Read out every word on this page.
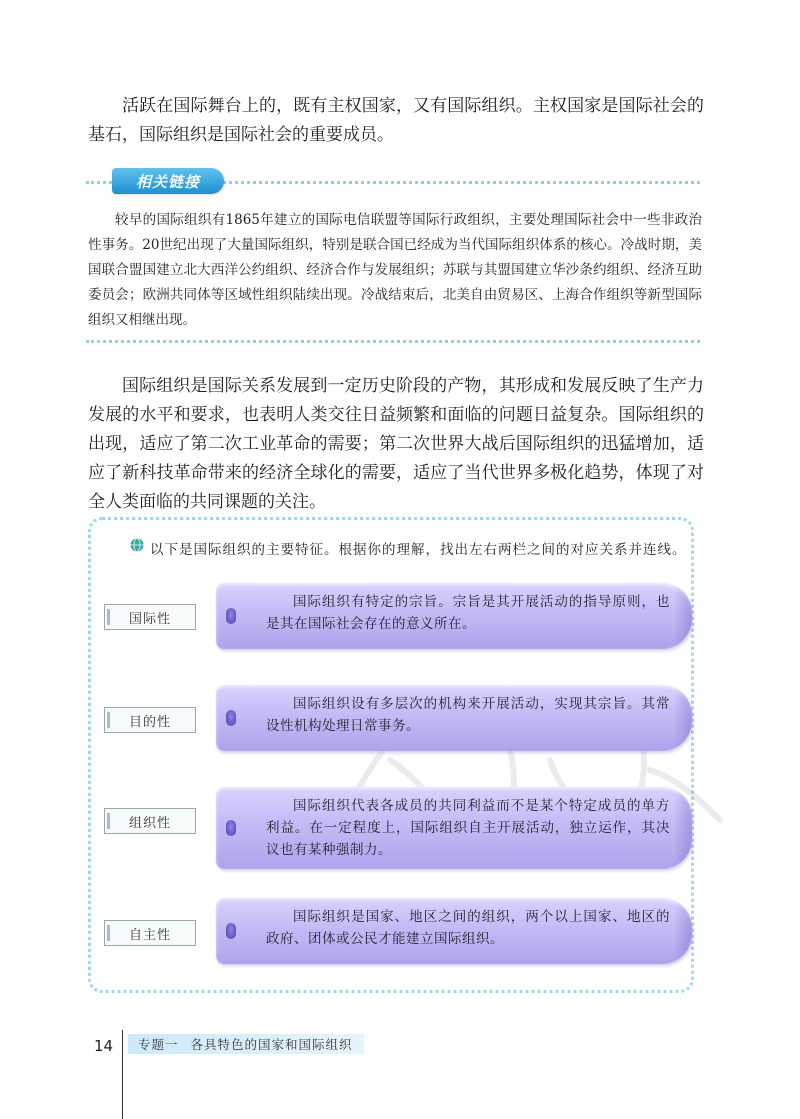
活跃在国际舞台上的，既有主权国家，又有国际组织。主权国家是国际社会的基石，国际组织是国际社会的重要成员。

相关链接

较早的国际组织有1865年建立的国际电信联盟等国际行政组织，主要处理国际社会中一些非政治性事务。20世纪出现了大量国际组织，特别是联合国已经成为当代国际组织体系的核心。冷战时期，美国联合盟国建立北大西洋公约组织、经济合作与发展组织；苏联与其盟国建立华沙条约组织、经济互助委员会；欧洲共同体等区域性组织陆续出现。冷战结束后，北美自由贸易区、上海合作组织等新型国际组织又相继出现。

国际组织是国际关系发展到一定历史阶段的产物，其形成和发展反映了生产力发展的水平和要求，也表明人类交往日益频繁和面临的问题日益复杂。国际组织的出现，适应了第二次工业革命的需要；第二次世界大战后国际组织的迅猛增加，适应了新科技革命带来的经济全球化的需要，适应了当代世界多极化趋势，体现了对全人类面临的共同课题的关注。

以下是国际组织的主要特征。根据你的理解，找出左右两栏之间的对应关系并连线。
国际性
目的性
组织性
自主性

国际组织有特定的宗旨。宗旨是其开展活动的指导原则，也是其在国际社会存在的意义所在。

国际组织设有多层次的机构来开展活动，实现其宗旨。其常设性机构处理日常事务。

国际组织代表各成员的共同利益而不是某个特定成员的单方利益。在一定程度上，国际组织自主开展活动，独立运作，其决议也有某种强制力。

国际组织是国家、地区之间的组织，两个以上国家、地区的政府、团体或公民才能建立国际组织。

14 专题一 各具特色的国家和国际组织
